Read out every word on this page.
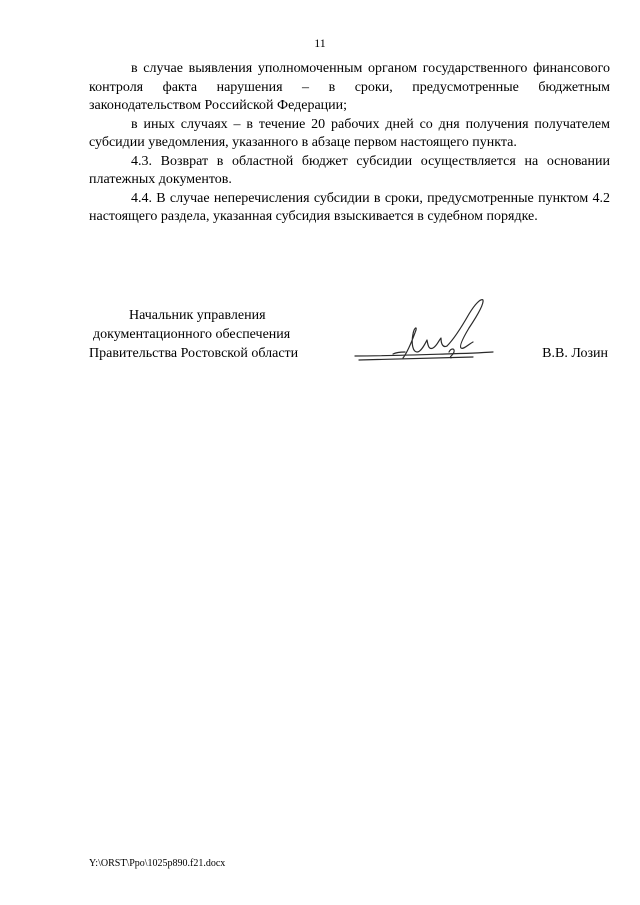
11

в случае выявления уполномоченным органом государственного финансового контроля факта нарушения – в сроки, предусмотренные бюджетным законодательством Российской Федерации;

в иных случаях – в течение 20 рабочих дней со дня получения получателем субсидии уведомления, указанного в абзаце первом настоящего пункта.

4.3. Возврат в областной бюджет субсидии осуществляется на основании платежных документов.

4.4. В случае неперечисления субсидии в сроки, предусмотренные пунктом 4.2 настоящего раздела, указанная субсидия взыскивается в судебном порядке.

Начальник управления
документационного обеспечения
Правительства Ростовской области	В.В. Лозин
Y:\ORST\Ppo\1025p890.f21.docx
